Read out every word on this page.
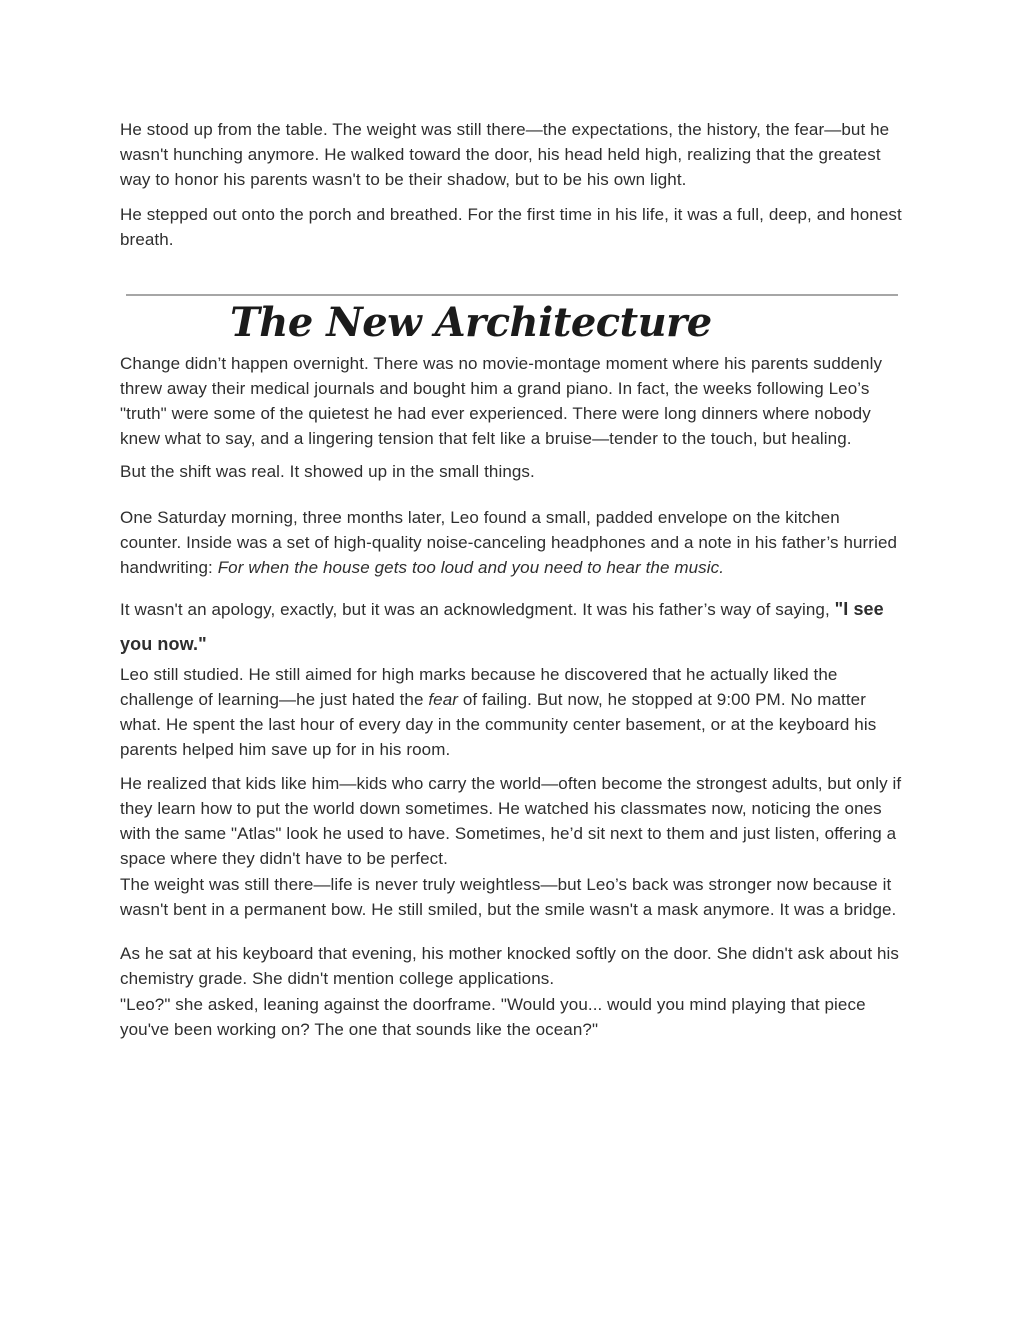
He stood up from the table. The weight was still there—the expectations, the history, the fear—but he wasn't hunching anymore. He walked toward the door, his head held high, realizing that the greatest way to honor his parents wasn't to be their shadow, but to be his own light.

He stepped out onto the porch and breathed. For the first time in his life, it was a full, deep, and honest breath.

The New Architecture

Change didn’t happen overnight. There was no movie-montage moment where his parents suddenly threw away their medical journals and bought him a grand piano. In fact, the weeks following Leo’s "truth" were some of the quietest he had ever experienced. There were long dinners where nobody knew what to say, and a lingering tension that felt like a bruise—tender to the touch, but healing.

But the shift was real. It showed up in the small things.

One Saturday morning, three months later, Leo found a small, padded envelope on the kitchen counter. Inside was a set of high-quality noise-canceling headphones and a note in his father’s hurried handwriting: For when the house gets too loud and you need to hear the music.

It wasn't an apology, exactly, but it was an acknowledgment. It was his father’s way of saying, "I see you now."

Leo still studied. He still aimed for high marks because he discovered that he actually liked the challenge of learning—he just hated the fear of failing. But now, he stopped at 9:00 PM. No matter what. He spent the last hour of every day in the community center basement, or at the keyboard his parents helped him save up for in his room.

He realized that kids like him—kids who carry the world—often become the strongest adults, but only if they learn how to put the world down sometimes. He watched his classmates now, noticing the ones with the same "Atlas" look he used to have. Sometimes, he’d sit next to them and just listen, offering a space where they didn't have to be perfect.

The weight was still there—life is never truly weightless—but Leo’s back was stronger now because it wasn't bent in a permanent bow. He still smiled, but the smile wasn't a mask anymore. It was a bridge.

As he sat at his keyboard that evening, his mother knocked softly on the door. She didn't ask about his chemistry grade. She didn't mention college applications.

"Leo?" she asked, leaning against the doorframe. "Would you... would you mind playing that piece you've been working on? The one that sounds like the ocean?"
